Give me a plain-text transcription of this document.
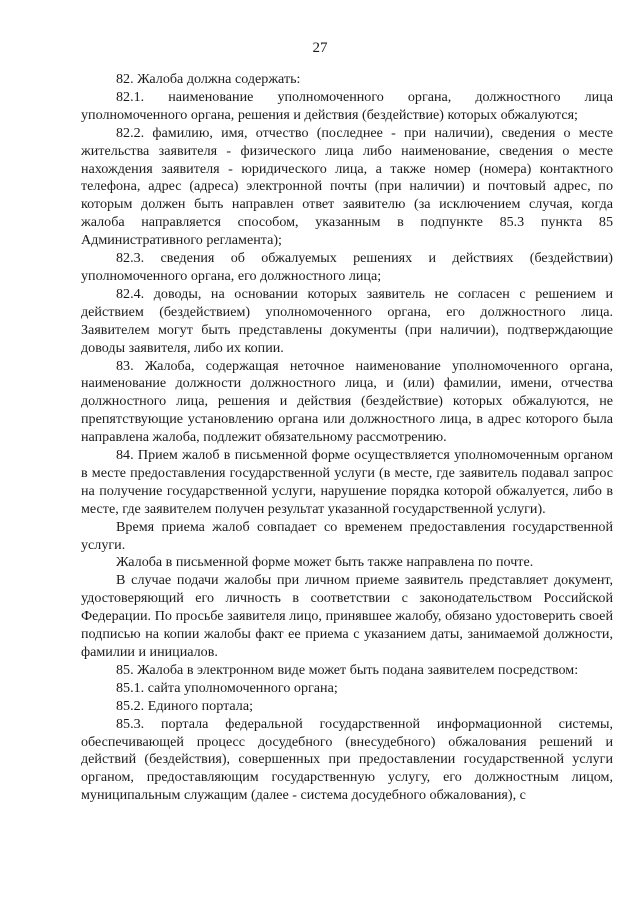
27

82. Жалоба должна содержать:

82.1. наименование уполномоченного органа, должностного лица уполномоченного органа, решения и действия (бездействие) которых обжалуются;

82.2. фамилию, имя, отчество (последнее - при наличии), сведения о месте жительства заявителя - физического лица либо наименование, сведения о месте нахождения заявителя - юридического лица, а также номер (номера) контактного телефона, адрес (адреса) электронной почты (при наличии) и почтовый адрес, по которым должен быть направлен ответ заявителю (за исключением случая, когда жалоба направляется способом, указанным в подпункте 85.3 пункта 85 Административного регламента);

82.3. сведения об обжалуемых решениях и действиях (бездействии) уполномоченного органа, его должностного лица;

82.4. доводы, на основании которых заявитель не согласен с решением и действием (бездействием) уполномоченного органа, его должностного лица. Заявителем могут быть представлены документы (при наличии), подтверждающие доводы заявителя, либо их копии.

83. Жалоба, содержащая неточное наименование уполномоченного органа, наименование должности должностного лица, и (или) фамилии, имени, отчества должностного лица, решения и действия (бездействие) которых обжалуются, не препятствующие установлению органа или должностного лица, в адрес которого была направлена жалоба, подлежит обязательному рассмотрению.

84. Прием жалоб в письменной форме осуществляется уполномоченным органом в месте предоставления государственной услуги (в месте, где заявитель подавал запрос на получение государственной услуги, нарушение порядка которой обжалуется, либо в месте, где заявителем получен результат указанной государственной услуги).

Время приема жалоб совпадает со временем предоставления государственной услуги.

Жалоба в письменной форме может быть также направлена по почте.

В случае подачи жалобы при личном приеме заявитель представляет документ, удостоверяющий его личность в соответствии с законодательством Российской Федерации. По просьбе заявителя лицо, принявшее жалобу, обязано удостоверить своей подписью на копии жалобы факт ее приема с указанием даты, занимаемой должности, фамилии и инициалов.

85. Жалоба в электронном виде может быть подана заявителем посредством:

85.1. сайта уполномоченного органа;

85.2. Единого портала;

85.3. портала федеральной государственной информационной системы, обеспечивающей процесс досудебного (внесудебного) обжалования решений и действий (бездействия), совершенных при предоставлении государственной услуги органом, предоставляющим государственную услугу, его должностным лицом, муниципальным служащим (далее - система досудебного обжалования), с
